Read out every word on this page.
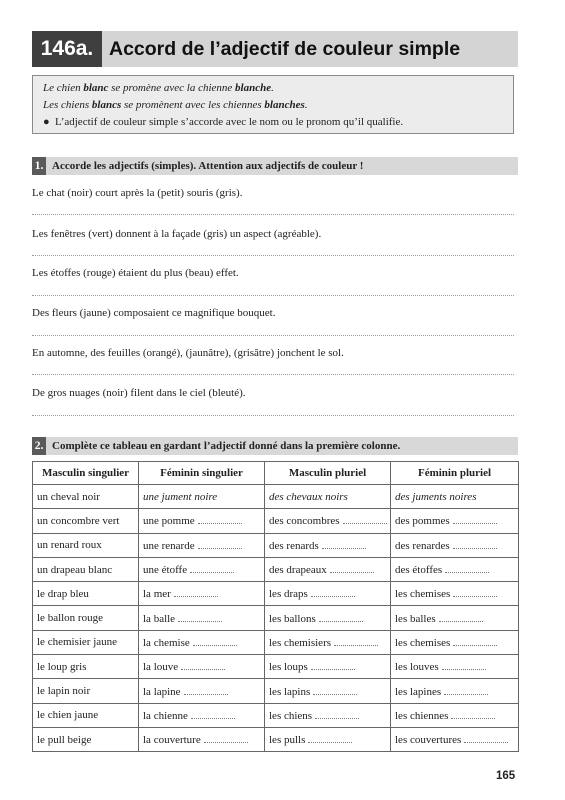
146a. Accord de l’adjectif de couleur simple
Le chien blanc se promène avec la chienne blanche.
Les chiens blancs se promènent avec les chiennes blanches.
● L’adjectif de couleur simple s’accorde avec le nom ou le pronom qu’il qualifie.
1. Accorde les adjectifs (simples). Attention aux adjectifs de couleur !
Le chat (noir) court après la (petit) souris (gris).
Les fenêtres (vert) donnent à la façade (gris) un aspect (agréable).
Les étoffes (rouge) étaient du plus (beau) effet.
Des fleurs (jaune) composaient ce magnifique bouquet.
En automne, des feuilles (orangé), (jaunâtre), (grisâtre) jonchent le sol.
De gros nuages (noir) filent dans le ciel (bleuté).
2. Complète ce tableau en gardant l’adjectif donné dans la première colonne.
Masculin singulier	Féminin singulier	Masculin pluriel	Féminin pluriel
un cheval noir	une jument noire	des chevaux noirs	des juments noires
un concombre vert	une pomme	des concombres	des pommes
un renard roux	une renarde	des renards	des renardes
un drapeau blanc	une étoffe	des drapeaux	des étoffes
le drap bleu	la mer	les draps	les chemises
le ballon rouge	la balle	les ballons	les balles
le chemisier jaune	la chemise	les chemisiers	les chemises
le loup gris	la louve	les loups	les louves
le lapin noir	la lapine	les lapins	les lapines
le chien jaune	la chienne	les chiens	les chiennes
le pull beige	la couverture	les pulls	les couvertures
165
